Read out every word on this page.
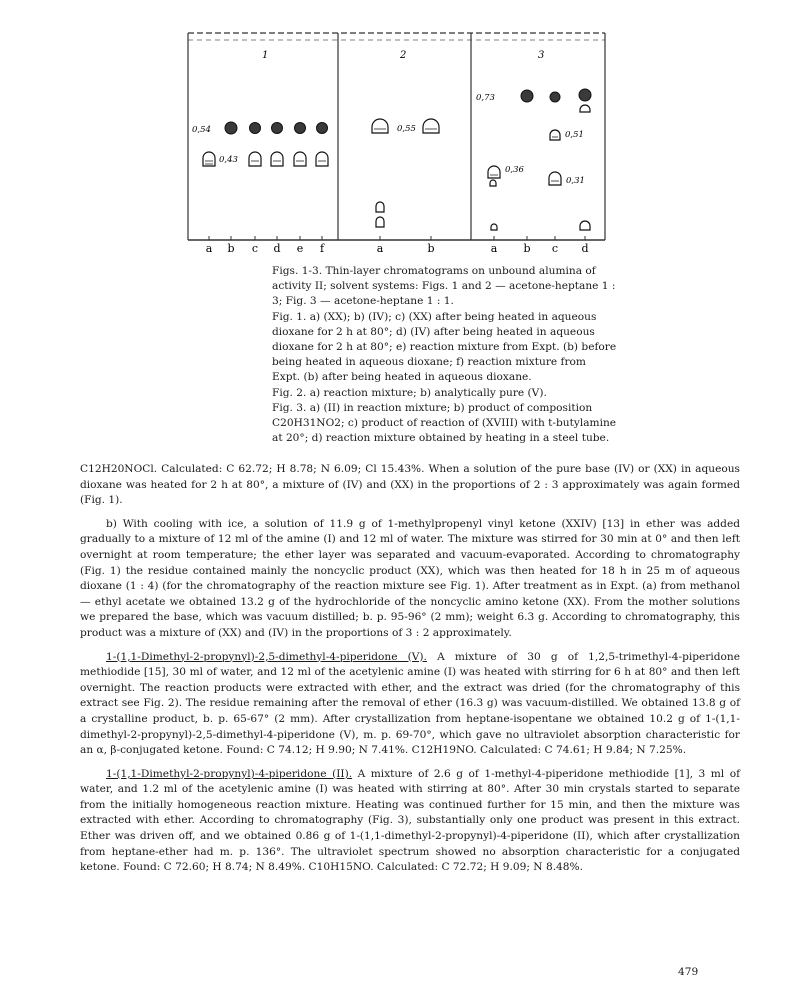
1	2	3
a b c d e f	a	b	a b c d
0,54
0,43
0,55
0,73
0,51
0,36
0,31

Figs. 1-3. Thin-layer chromatograms on unbound alumina of activity II; solvent systems: Figs. 1 and 2 — acetone-heptane 1 : 3; Fig. 3 — acetone-heptane 1 : 1.

Fig. 1. a) (XX); b) (IV); c) (XX) after being heated in aqueous dioxane for 2 h at 80°; d) (IV) after being heated in aqueous dioxane for 2 h at 80°; e) reaction mixture from Expt. (b) before being heated in aqueous dioxane; f) reaction mixture from Expt. (b) after being heated in aqueous dioxane.

Fig. 2. a) reaction mixture; b) analytically pure (V).

Fig. 3. a) (II) in reaction mixture; b) product of composition C20H31NO2; c) product of reaction of (XVIII) with t-butylamine at 20°; d) reaction mixture obtained by heating in a steel tube.

C12H20NOCl. Calculated: C 62.72; H 8.78; N 6.09; Cl 15.43%. When a solution of the pure base (IV) or (XX) in aqueous dioxane was heated for 2 h at 80°, a mixture of (IV) and (XX) in the proportions of 2 : 3 approximately was again formed (Fig. 1).

b) With cooling with ice, a solution of 11.9 g of 1-methylpropenyl vinyl ketone (XXIV) [13] in ether was added gradually to a mixture of 12 ml of the amine (I) and 12 ml of water. The mixture was stirred for 30 min at 0° and then left overnight at room temperature; the ether layer was separated and vacuum-evaporated. According to chromatography (Fig. 1) the residue contained mainly the noncyclic product (XX), which was then heated for 18 h in 25 m of aqueous dioxane (1 : 4) (for the chromatography of the reaction mixture see Fig. 1). After treatment as in Expt. (a) from methanol — ethyl acetate we obtained 13.2 g of the hydrochloride of the noncyclic amino ketone (XX). From the mother solutions we prepared the base, which was vacuum distilled; b. p. 95-96° (2 mm); weight 6.3 g. According to chromatography, this product was a mixture of (XX) and (IV) in the proportions of 3 : 2 approximately.

1-(1,1-Dimethyl-2-propynyl)-2,5-dimethyl-4-piperidone (V). A mixture of 30 g of 1,2,5-trimethyl-4-piperidone methiodide [15], 30 ml of water, and 12 ml of the acetylenic amine (I) was heated with stirring for 6 h at 80° and then left overnight. The reaction products were extracted with ether, and the extract was dried (for the chromatography of this extract see Fig. 2). The residue remaining after the removal of ether (16.3 g) was vacuum-distilled. We obtained 13.8 g of a crystalline product, b. p. 65-67° (2 mm). After crystallization from heptane-isopentane we obtained 10.2 g of 1-(1,1-dimethyl-2-propynyl)-2,5-dimethyl-4-piperidone (V), m. p. 69-70°, which gave no ultraviolet absorption characteristic for an α, β-conjugated ketone. Found: C 74.12; H 9.90; N 7.41%. C12H19NO. Calculated: C 74.61; H 9.84; N 7.25%.

1-(1,1-Dimethyl-2-propynyl)-4-piperidone (II). A mixture of 2.6 g of 1-methyl-4-piperidone methiodide [1], 3 ml of water, and 1.2 ml of the acetylenic amine (I) was heated with stirring at 80°. After 30 min crystals started to separate from the initially homogeneous reaction mixture. Heating was continued further for 15 min, and then the mixture was extracted with ether. According to chromatography (Fig. 3), substantially only one product was present in this extract. Ether was driven off, and we obtained 0.86 g of 1-(1,1-dimethyl-2-propynyl)-4-piperidone (II), which after crystallization from heptane-ether had m. p. 136°. The ultraviolet spectrum showed no absorption characteristic for a conjugated ketone. Found: C 72.60; H 8.74; N 8.49%. C10H15NO. Calculated: C 72.72; H 9.09; N 8.48%.

479
